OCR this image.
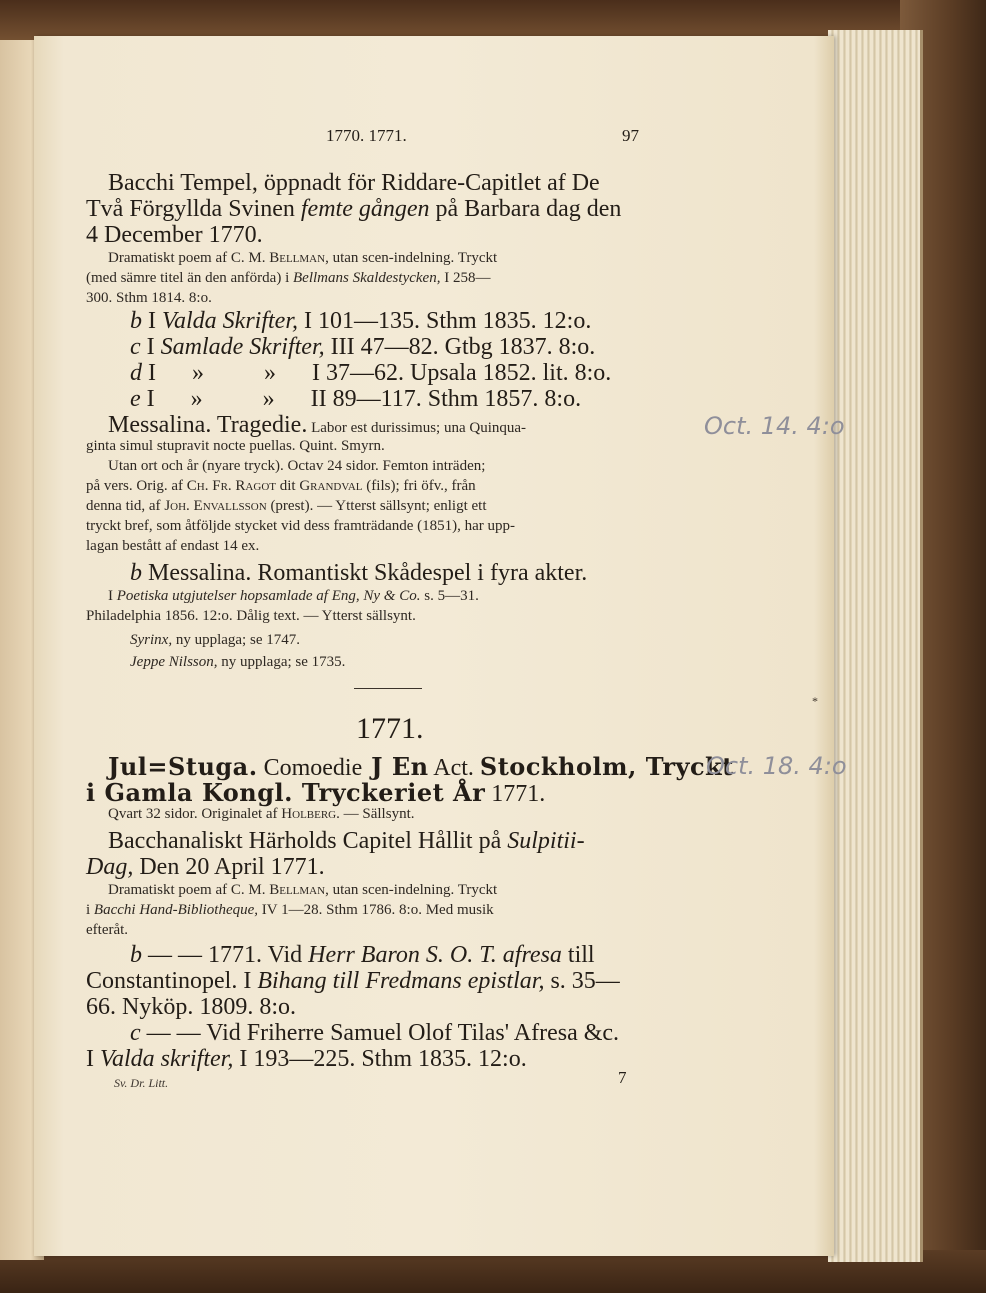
1770. 1771.	97
Bacchi Tempel, öppnadt för Riddare-Capitlet af De
Två Förgyllda Svinen femte gången på Barbara dag den
4 December 1770.
Dramatiskt poem af C. M. Bellman, utan scen-indelning. Tryckt
(med sämre titel än den anförda) i Bellmans Skaldestycken, I 258—
300. Sthm 1814. 8:o.
b I Valda Skrifter, I 101—135. Sthm 1835. 12:o.
c I Samlade Skrifter, III 47—82. Gtbg 1837. 8:o.
d I      »          »      I 37—62. Upsala 1852. lit. 8:o.
e I      »          »      II 89—117. Sthm 1857. 8:o.
Messalina. Tragedie. Labor est durissimus; una Quinqua-
ginta simul stupravit nocte puellas. Quint. Smyrn.
Utan ort och år (nyare tryck). Octav 24 sidor. Femton inträden;
på vers. Orig. af Ch. Fr. Ragot dit Grandval (fils); fri öfv., från
denna tid, af Joh. Envallsson (prest). — Ytterst sällsynt; enligt ett
tryckt bref, som åtföljde stycket vid dess framträdande (1851), har upp-
lagan bestått af endast 14 ex.
b Messalina. Romantiskt Skådespel i fyra akter.
I Poetiska utgjutelser hopsamlade af Eng, Ny & Co. s. 5—31.
Philadelphia 1856. 12:o. Dålig text. — Ytterst sällsynt.
Syrinx, ny upplaga; se 1747.
Jeppe Nilsson, ny upplaga; se 1735.
1771.
Jul=Stuga. Comoedie J En Act. Stockholm, Tryckt
i Gamla Kongl. Tryckeriet År 1771.
Qvart 32 sidor. Originalet af Holberg. — Sällsynt.
Bacchanaliskt Härholds Capitel Hållit på Sulpitii-
Dag, Den 20 April 1771.
Dramatiskt poem af C. M. Bellman, utan scen-indelning. Tryckt
i Bacchi Hand-Bibliotheque, IV 1—28. Sthm 1786. 8:o. Med musik
efteråt.
b — — 1771. Vid Herr Baron S. O. T. afresa till
Constantinopel. I Bihang till Fredmans epistlar, s. 35—
66. Nyköp. 1809. 8:o.
c — — Vid Friherre Samuel Olof Tilas' Afresa &c.
I Valda skrifter, I 193—225. Sthm 1835. 12:o.
Sv. Dr. Litt.	7
Oct. 14. 4:o
Oct. 18. 4:o
*
